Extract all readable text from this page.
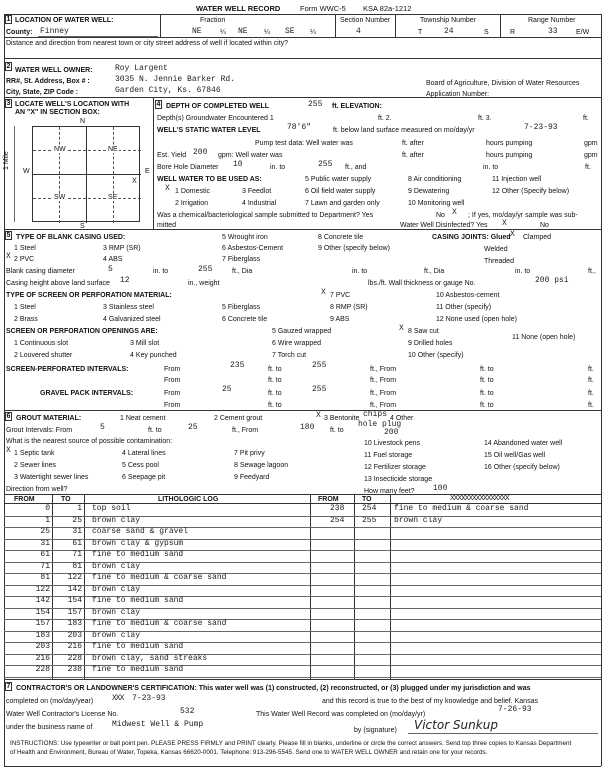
WATER WELL RECORD	Form WWC-5 KSA 82a-1212
1 LOCATION OF WATER WELL:
County: Finney
Fraction
NE	¼ NE ¼ SE ¼
Section Number
4
Township Number
T	24	S
Range Number
R	33	E/W
Distance and direction from nearest town or city street address of well if located within city?
2
WATER WELL OWNER:	Roy Largent
RR#, St. Address, Box # :	3035 N. Jennie Barker Rd.	Board of Agriculture, Division of Water Resources
City, State, ZIP Code :	Garden City, Ks. 67846	Application Number:
3 LOCATE WELL'S LOCATION WITH
AN "X" IN SECTION BOX:
N
S
W	E
1 Mile
NW	NE
SW	SE
X
4 DEPTH OF COMPLETED WELL	255 ft. ELEVATION:
Depth(s) Groundwater Encountered 1	ft. 2.	ft. 3.	ft.
WELL'S STATIC WATER LEVEL	78'6"	ft. below land surface measured on mo/day/yr	7-23-93
Pump test data: Well water was	ft. after	hours pumping	gpm
Est. Yield 200 gpm: Well water was	ft. after	hours pumping	gpm
Bore Hole Diameter 10	in. to	255 ft., and	in. to	ft.
WELL WATER TO BE USED AS:
1 Domestic
X
2 Irrigation
3 Feedlot
4 Industrial
5 Public water supply
6 Oil field water supply
7 Lawn and garden only
8 Air conditioning
9 Dewatering
10 Monitoring well
11 Injection well
12 Other (Specify below)
Was a chemical/bacteriological sample submitted to Department? Yes	No X ; If yes, mo/day/yr sample was sub-
mitted	Water Well Disinfected? Yes X	No
5 TYPE OF BLANK CASING USED:
1 Steel
2 PVC
X
3 RMP (SR)
4 ABS
5 Wrought iron
6 Asbestos-Cement
7 Fiberglass
8 Concrete tile
9 Other (specify below)
CASING JOINTS: Glued X Clamped
Welded
Threaded
Blank casing diameter	5	in. to	255	ft., Dia	in. to	ft., Dia	in. to	ft.,
Casing height above land surface 12	in., weight	lbs./ft. Wall thickness or gauge No.	200 psi
TYPE OF SCREEN OR PERFORATION MATERIAL:
1 Steel
2 Brass
3 Stainless steel
4 Galvanized steel
5 Fiberglass
6 Concrete tile
7 PVC
X
8 RMP (SR)
9 ABS
10 Asbestos-cement
11 Other (specify)
12 None used (open hole)
SCREEN OR PERFORATION OPENINGS ARE:
1 Continuous slot
2 Louvered shutter
3 Mill slot
4 Key punched
5 Gauzed wrapped
6 Wire wrapped
7 Torch cut
8 Saw cut
X
9 Drilled holes
10 Other (specify)
11 None (open hole)
SCREEN-PERFORATED INTERVALS:	From	235	ft. to	255	ft., From	ft. to	ft.
From	ft. to	ft., From	ft. to	ft.
GRAVEL PACK INTERVALS:	From	25	ft. to	255	ft., From	ft. to	ft.
From	ft. to	ft., From	ft. to	ft.
6 GROUT MATERIAL:	1 Neat cement	2 Cement grout	X 3 Bentonite chips 4 Other
Grout Intervals: From	5	ft. to	25	ft., From	180 ft. to
hole plug
200
What is the nearest source of possible contamination:
X 1 Septic tank
2 Sewer lines
3 Watertight sewer lines
4 Lateral lines
5 Cess pool
6 Seepage pit
7 Pit privy
8 Sewage lagoon
9 Feedyard
10 Livestock pens
11 Fuel storage
12 Fertilizer storage
13 Insecticide storage
14 Abandoned water well
15 Oil well/Gas well
16 Other (specify below)
Direction from well?	How many feet? 100
FROM	TO	LITHOLOGIC LOG	FROM	TO	XXXXXXXXXXXXXXXX
7 CONTRACTOR'S OR LANDOWNER'S CERTIFICATION: This water well was (1) constructed, (2) reconstructed, or (3) plugged under my jurisdiction and was
completed on (mo/day/year) XXX 7-23-93	and this record is true to the best of my knowledge and belief. Kansas
Water Well Contractor's License No.	532	This Water Well Record was completed on (mo/day/yr)
7-26-93
under the business name of Midwest Well & Pump
by (signature) Victor Sunkup
INSTRUCTIONS: Use typewriter or ball point pen. PLEASE PRESS FIRMLY and PRINT clearly. Please fill in blanks, underline or circle the correct answers. Send top three copies to Kansas Department
of Health and Environment, Bureau of Water, Topeka, Kansas 66620-0001. Telephone: 913-296-5545. Send one to WATER WELL OWNER and retain one for your records.
0	1 top soil
1	25 brown clay
25	31 coarse sand & gravel
31	61 brown clay & gypsum
61	71 fine to medium sand
71	81 brown clay
81	122 fine to medium & coarse sand
122	142 brown clay
142	154 fine to medium sand
154	157 brown clay
157	183 fine to medium & coarse sand
183	203 brown clay
203	216 fine to medium sand
216	228 brown clay, sand streaks
228	238 fine to medium sand
238 254 fine to medium & coarse sand
254 255 brown clay
